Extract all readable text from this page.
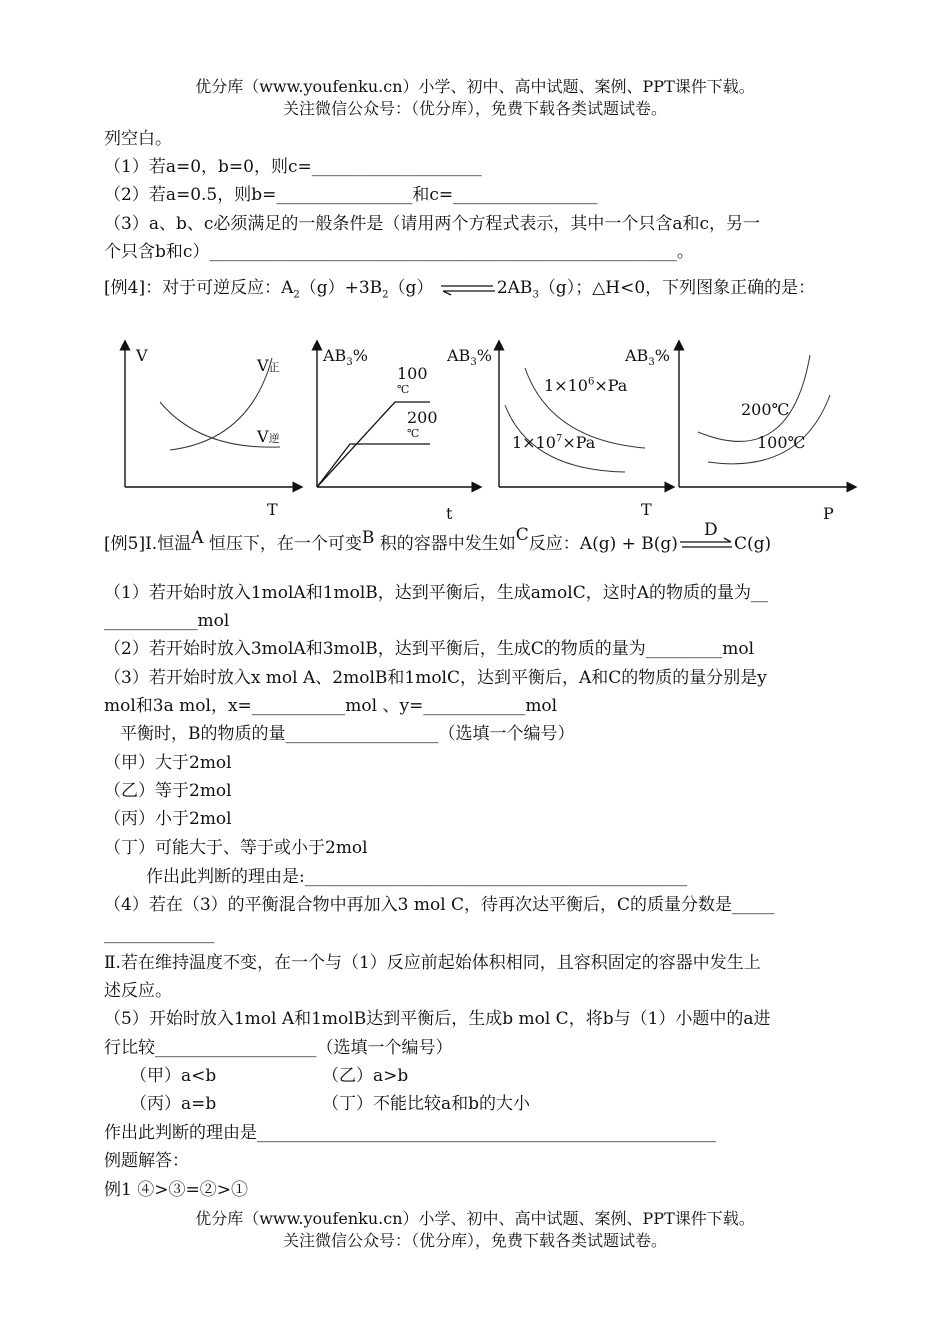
优分库（www.youfenku.cn）小学、初中、高中试题、案例、PPT课件下载。
关注微信公众号：（优分库），免费下载各类试题试卷。
列空白。
（1）若a=0，b=0，则c=____________________
（2）若a=0.5，则b=________________和c=_________________
（3）a、b、c必须满足的一般条件是（请用两个方程式表示，其中一个只含a和c，另一
个只含b和c）_______________________________________________________。
[例4]：对于可逆反应：$A_2(g)+3B_2(g)$	$2AB_3(g)$；△H<0，下列图象正确的是：
V
T
V正
V逆
$AB_3\%$
t
100
℃
200
℃
$AB_3\%$
T
$1\times 10^6\times Pa$
$1\times 10^7\times Pa$
$AB_3\%$
P
200℃
100℃
[例5]I.恒温A 恒压下，在一个可变B 积的容器中发生如C反应：A(g) + B(g)
D
C(g)
（1）若开始时放入1molA和1molB，达到平衡后，生成amolC，这时A的物质的量为__
___________mol
（2）若开始时放入3molA和3molB，达到平衡后，生成C的物质的量为_________mol
（3）若开始时放入x mol A、2molB和1molC，达到平衡后，A和C的物质的量分别是y
mol和3a mol，x=___________mol 、y=____________mol
平衡时，B的物质的量__________________（选填一个编号）
（甲）大于2mol
（乙）等于2mol
（丙）小于2mol
（丁）可能大于、等于或小于2mol
作出此判断的理由是:_____________________________________________
（4）若在（3）的平衡混合物中再加入3 mol C，待再次达平衡后，C的质量分数是_____
_____________
Ⅱ.若在维持温度不变，在一个与（1）反应前起始体积相同，且容积固定的容器中发生上
述反应。
（5）开始时放入1mol A和1molB达到平衡后，生成b mol C，将b与（1）小题中的a进
行比较___________________（选填一个编号）
（甲）a<b	（乙）a>b
（丙）a=b	（丁）不能比较a和b的大小
作出此判断的理由是______________________________________________________
例题解答：
例1 ④>③=②>①
优分库（www.youfenku.cn）小学、初中、高中试题、案例、PPT课件下载。
关注微信公众号：（优分库），免费下载各类试题试卷。
